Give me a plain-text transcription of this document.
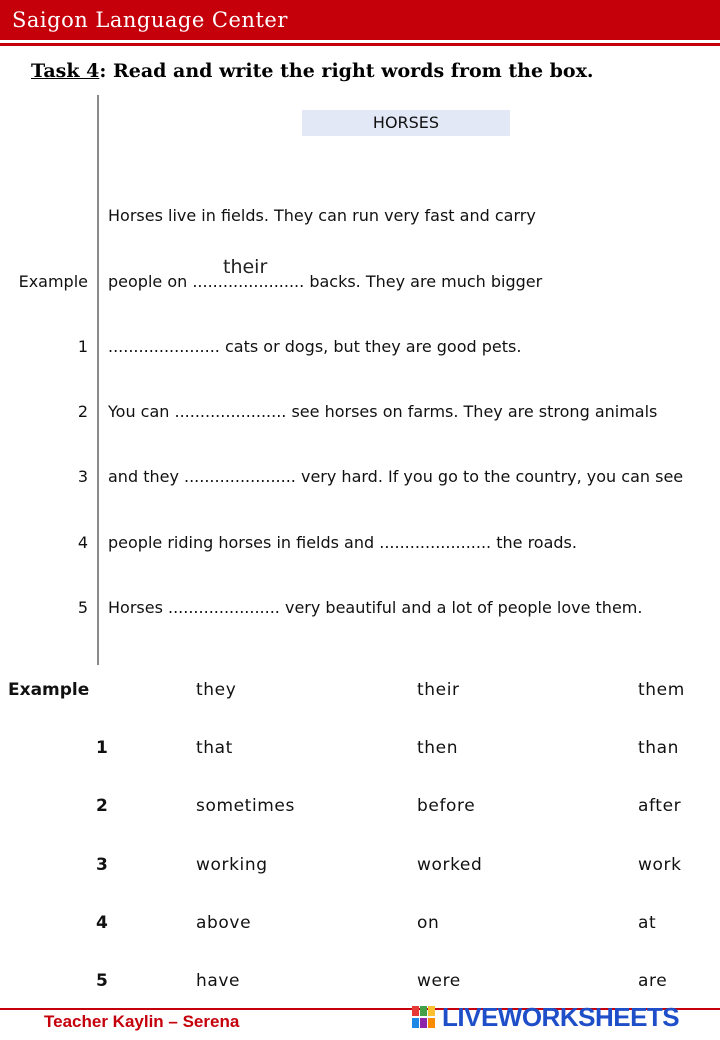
Saigon Language Center
Task 4: Read and write the right words from the box.
HORSES
Horses live in fields. They can run very fast and carry
Example people on ...................... backs. They are much bigger
their
1 ...................... cats or dogs, but they are good pets.
2 You can ...................... see horses on farms. They are strong animals
3 and they ...................... very hard. If you go to the country, you can see
4 people riding horses in fields and ...................... the roads.
5 Horses ...................... very beautiful and a lot of people love them.
Example	they	their	them
1	that	then	than
2	sometimes	before	after
3	working	worked	work
4	above	on	at
5	have	were	are
Teacher Kaylin – Serena	LIVEWORKSHEETS
